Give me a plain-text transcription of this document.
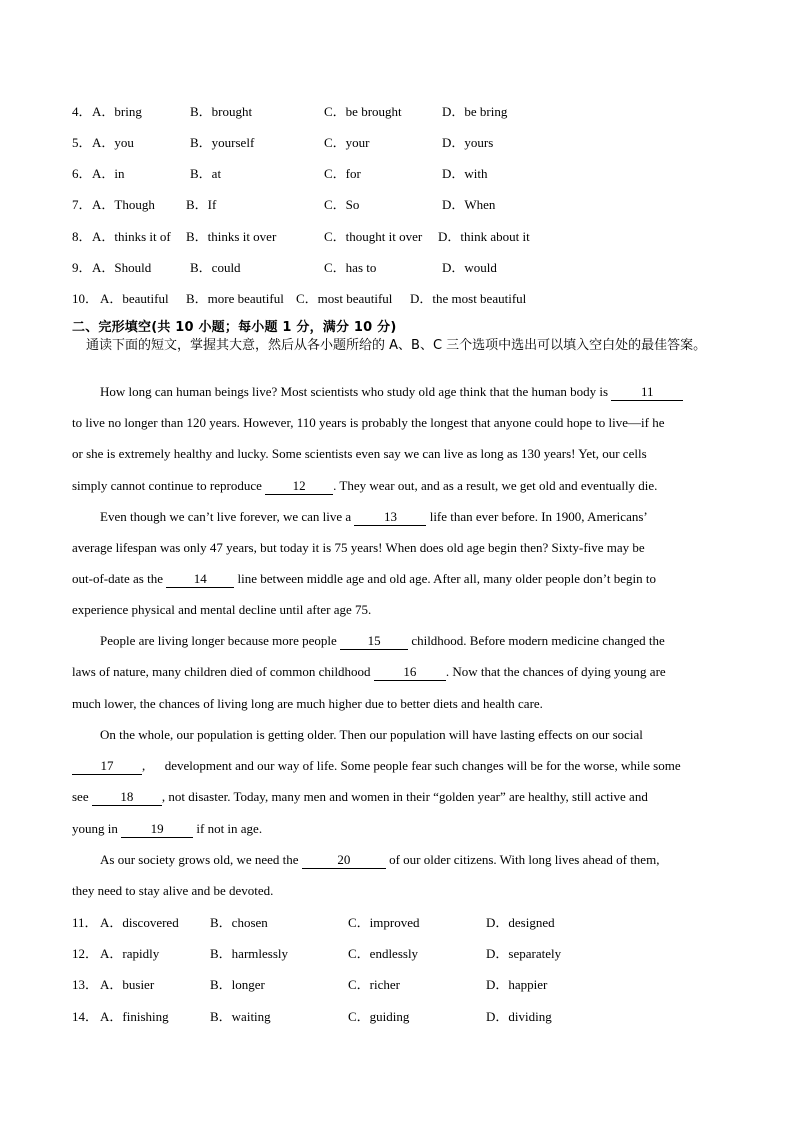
4． A．bring	B．brought	C．be brought	D．be bring
5． A．you	B．yourself	C．your	D．yours
6． A．in	B．at	C．for	D．with
7． A．Though B．If	C．So	D．When
8． A．thinks it of B．thinks it over	C．thought it over D．think about it
9． A．Should	B．could	C．has to	D．would
10． A．beautiful B．more beautiful C．most beautiful D．the most beautiful
二、完形填空(共 10 小题；每小题 1 分，满分 10 分)
通读下面的短文，掌握其大意，然后从各小题所给的 A、B、C 三个选项中选出可以填入空白处的最佳答案。
How long can human beings live? Most scientists who study old age think that the human body is 11
to live no longer than 120 years. However, 110 years is probably the longest that anyone could hope to live—if he
or she is extremely healthy and lucky. Some scientists even say we can live as long as 130 years! Yet, our cells
simply cannot continue to reproduce 12 . They wear out, and as a result, we get old and eventually die.
Even though we can’t live forever, we can live a 13 life than ever before. In 1900, Americans’
average lifespan was only 47 years, but today it is 75 years! When does old age begin then? Sixty-five may be
out-of-date as the 14 line between middle age and old age. After all, many older people don’t begin to
experience physical and mental decline until after age 75.
People are living longer because more people 15 childhood. Before modern medicine changed the
laws of nature, many children died of common childhood 16 . Now that the chances of dying young are
much lower, the chances of living long are much higher due to better diets and health care.
On the whole, our population is getting older. Then our population will have lasting effects on our social
17 ,      development and our way of life. Some people fear such changes will be for the worse, while some
see 18 , not disaster. Today, many men and women in their “golden year” are healthy, still active and
young in 19 if not in age.
As our society grows old, we need the	20	of our older citizens. With long lives ahead of them,
they need to stay alive and be devoted.
11． A．discovered B．chosen	C．improved	D．designed
12． A．rapidly	B．harmlessly	C．endlessly	D．separately
13． A．busier	B．longer	C．richer	D．happier
14． A．finishing	B．waiting	C．guiding	D．dividing
